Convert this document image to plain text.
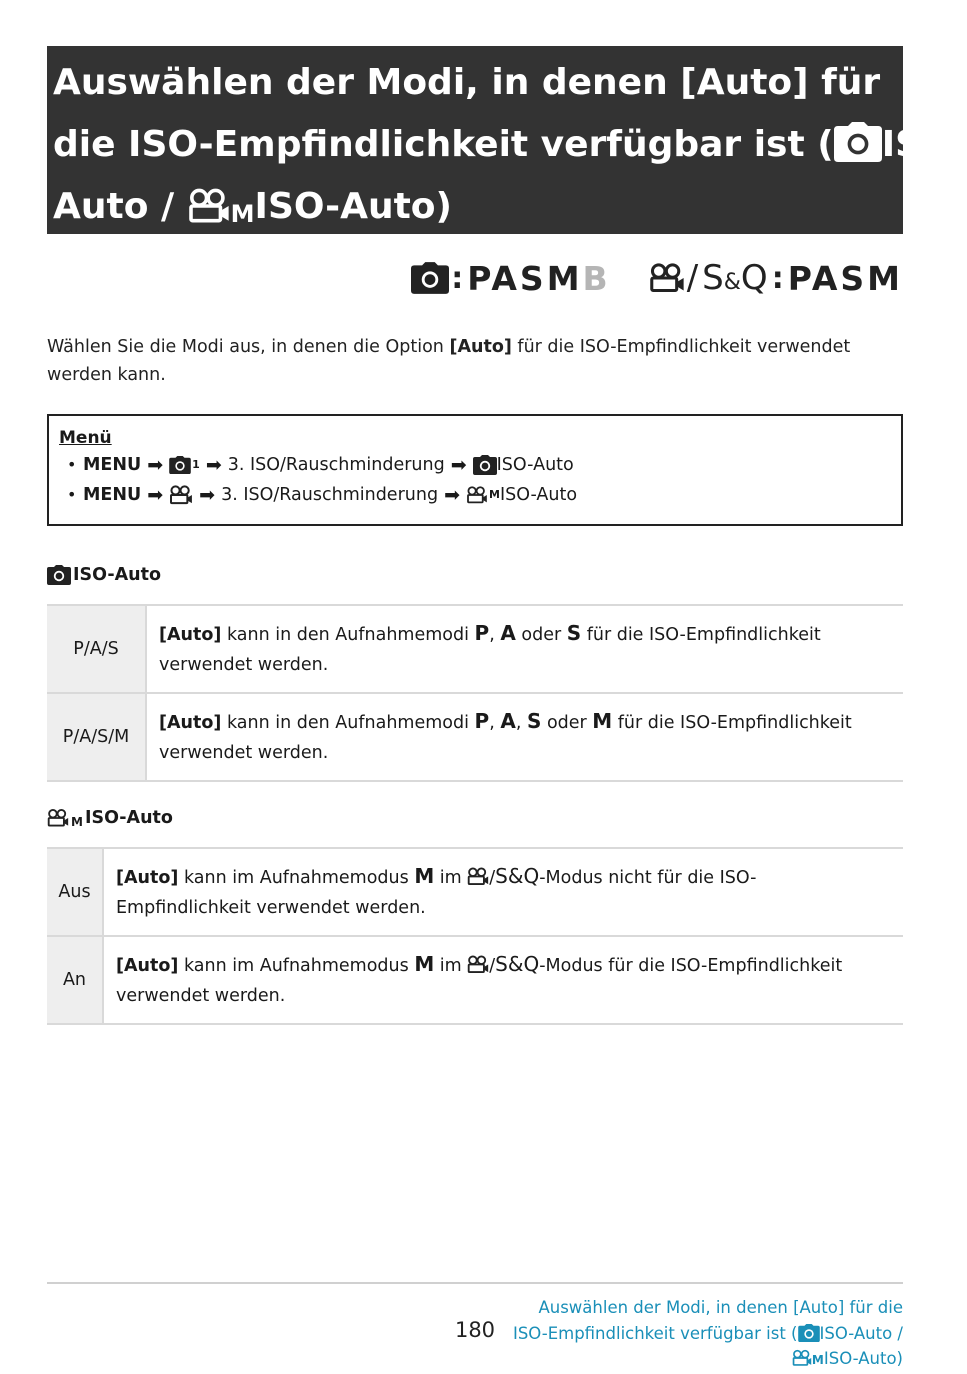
Auswählen der Modi, in denen [Auto] für
die ISO-Empfindlichkeit verfügbar ist ( ISO-
Auto / MISO-Auto)
: PASM B / S&Q : PASM
Wählen Sie die Modi aus, in denen die Option [Auto] für die ISO-Empfindlichkeit verwendet werden kann.
Menü
• MENU ➡	1 ➡ 3. ISO/Rauschminderung ➡ ISO-Auto
• MENU ➡ ➡ 3. ISO/Rauschminderung ➡	M ISO-Auto
ISO-Auto
P/A/S	[Auto] kann in den Aufnahmemodi P, A oder S für die ISO-Empfindlichkeit verwendet werden.
P/A/S/M	[Auto] kann in den Aufnahmemodi P, A, S oder M für die ISO-Empfindlichkeit verwendet werden.
M ISO-Auto
Aus	[Auto] kann im Aufnahmemodus M im /S&Q-Modus nicht für die ISO-Empfindlichkeit verwendet werden.
An	[Auto] kann im Aufnahmemodus M im /S&Q-Modus für die ISO-Empfindlichkeit verwendet werden.
180
Auswählen der Modi, in denen [Auto] für die
ISO-Empfindlichkeit verfügbar ist ( ISO-Auto /
MISO-Auto)
